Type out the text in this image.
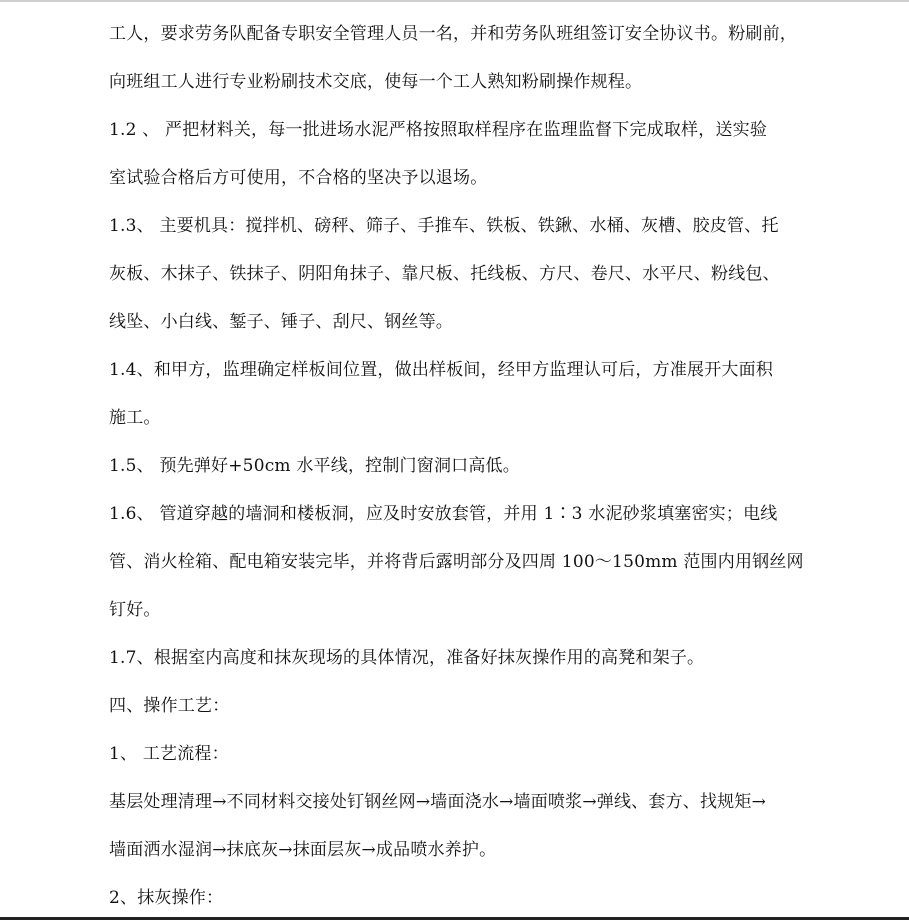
工人，要求劳务队配备专职安全管理人员一名，并和劳务队班组签订安全协议书。粉刷前，
向班组工人进行专业粉刷技术交底，使每一个工人熟知粉刷操作规程。
1.2 、 严把材料关，每一批进场水泥严格按照取样程序在监理监督下完成取样，送实验
室试验合格后方可使用，不合格的坚决予以退场。
1.3、 主要机具：搅拌机、磅秤、筛子、手推车、铁板、铁鍬、水桶、灰槽、胶皮管、托
灰板、木抹子、铁抹子、阴阳角抹子、靠尺板、托线板、方尺、卷尺、水平尺、粉线包、
线坠、小白线、錾子、锤子、刮尺、钢丝等。
1.4、和甲方，监理确定样板间位置，做出样板间，经甲方监理认可后，方准展开大面积
施工。
1.5、 预先弹好+50cm 水平线，控制门窗洞口高低。
1.6、 管道穿越的墙洞和楼板洞，应及时安放套管，并用 1∶3 水泥砂浆填塞密实；电线
管、消火栓箱、配电箱安装完毕，并将背后露明部分及四周 100～150mm 范围内用钢丝网
钉好。
1.7、根据室内高度和抹灰现场的具体情况，准备好抹灰操作用的高凳和架子。
四、操作工艺：
1、 工艺流程：
基层处理清理→不同材料交接处钉钢丝网→墙面浇水→墙面喷浆→弹线、套方、找规矩→
墙面洒水湿润→抹底灰→抹面层灰→成品喷水养护。
2、抹灰操作：
